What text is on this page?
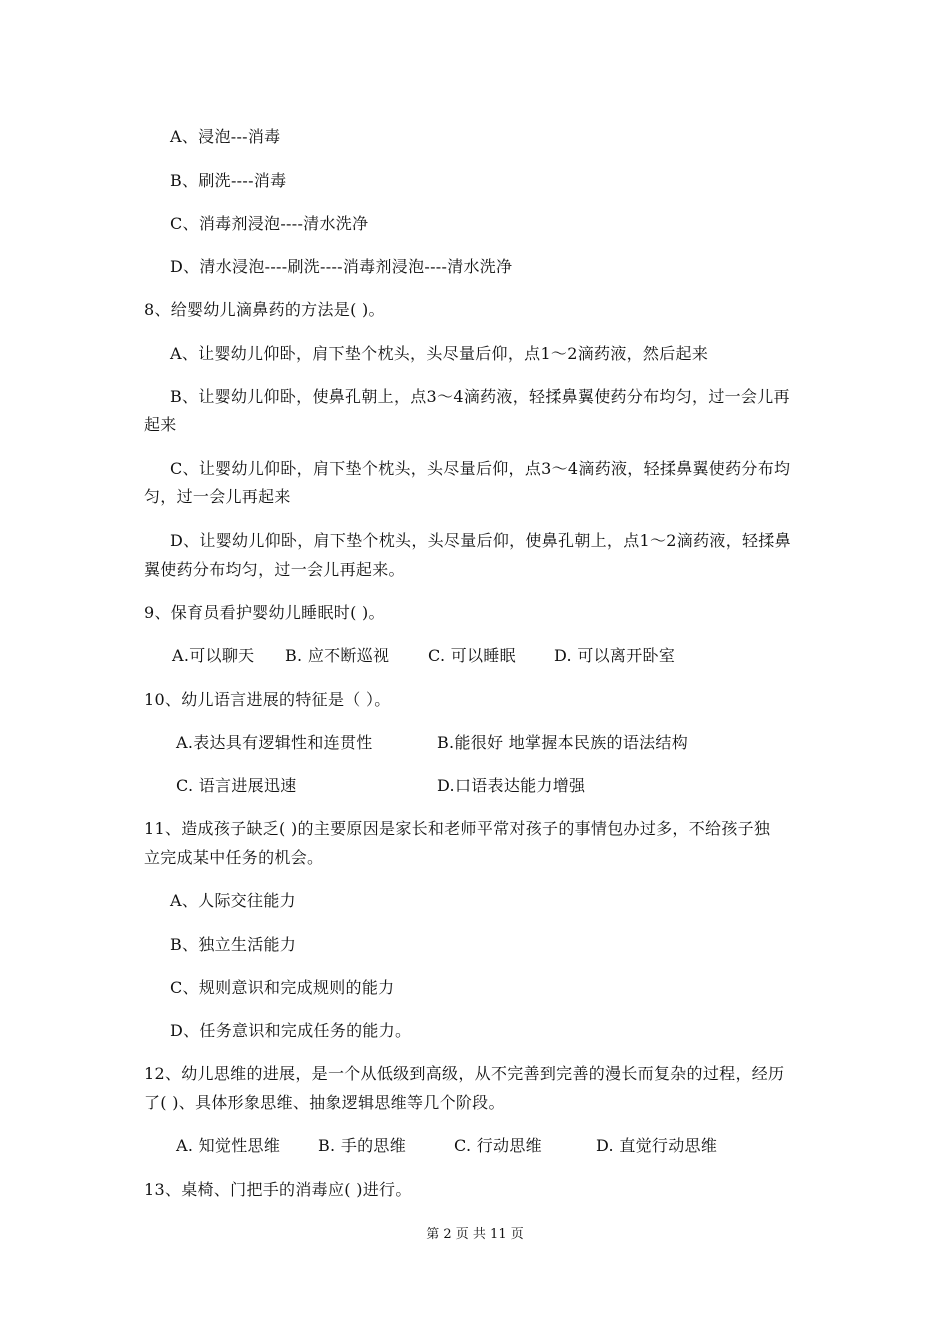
A、浸泡---消毒
B、刷洗----消毒
C、消毒剂浸泡----清水洗净
D、清水浸泡----刷洗----消毒剂浸泡----清水洗净
8、给婴幼儿滴鼻药的方法是( )。
A、让婴幼儿仰卧，肩下垫个枕头，头尽量后仰，点1～2滴药液，然后起来
B、让婴幼儿仰卧，使鼻孔朝上，点3～4滴药液，轻揉鼻翼使药分布均匀，过一会儿再
起来
C、让婴幼儿仰卧，肩下垫个枕头，头尽量后仰，点3～4滴药液，轻揉鼻翼使药分布均
匀，过一会儿再起来
D、让婴幼儿仰卧，肩下垫个枕头，头尽量后仰，使鼻孔朝上，点1～2滴药液，轻揉鼻
翼使药分布均匀，过一会儿再起来。
9、保育员看护婴幼儿睡眠时( )。
A.可以聊天 B. 应不断巡视 C. 可以睡眠 D. 可以离开卧室
10、幼儿语言进展的特征是（ ）。
A.表达具有逻辑性和连贯性	B.能很好 地掌握本民族的语法结构
C. 语言进展迅速	D.口语表达能力增强
11、造成孩子缺乏( )的主要原因是家长和老师平常对孩子的事情包办过多，不给孩子独
立完成某中任务的机会。
A、人际交往能力
B、独立生活能力
C、规则意识和完成规则的能力
D、任务意识和完成任务的能力。
12、幼儿思维的进展，是一个从低级到高级，从不完善到完善的漫长而复杂的过程，经历
了( )、具体形象思维、抽象逻辑思维等几个阶段。
A. 知觉性思维 B. 手的思维	C. 行动思维	D. 直觉行动思维
13、桌椅、门把手的消毒应( )进行。
第 2 页 共 11 页
